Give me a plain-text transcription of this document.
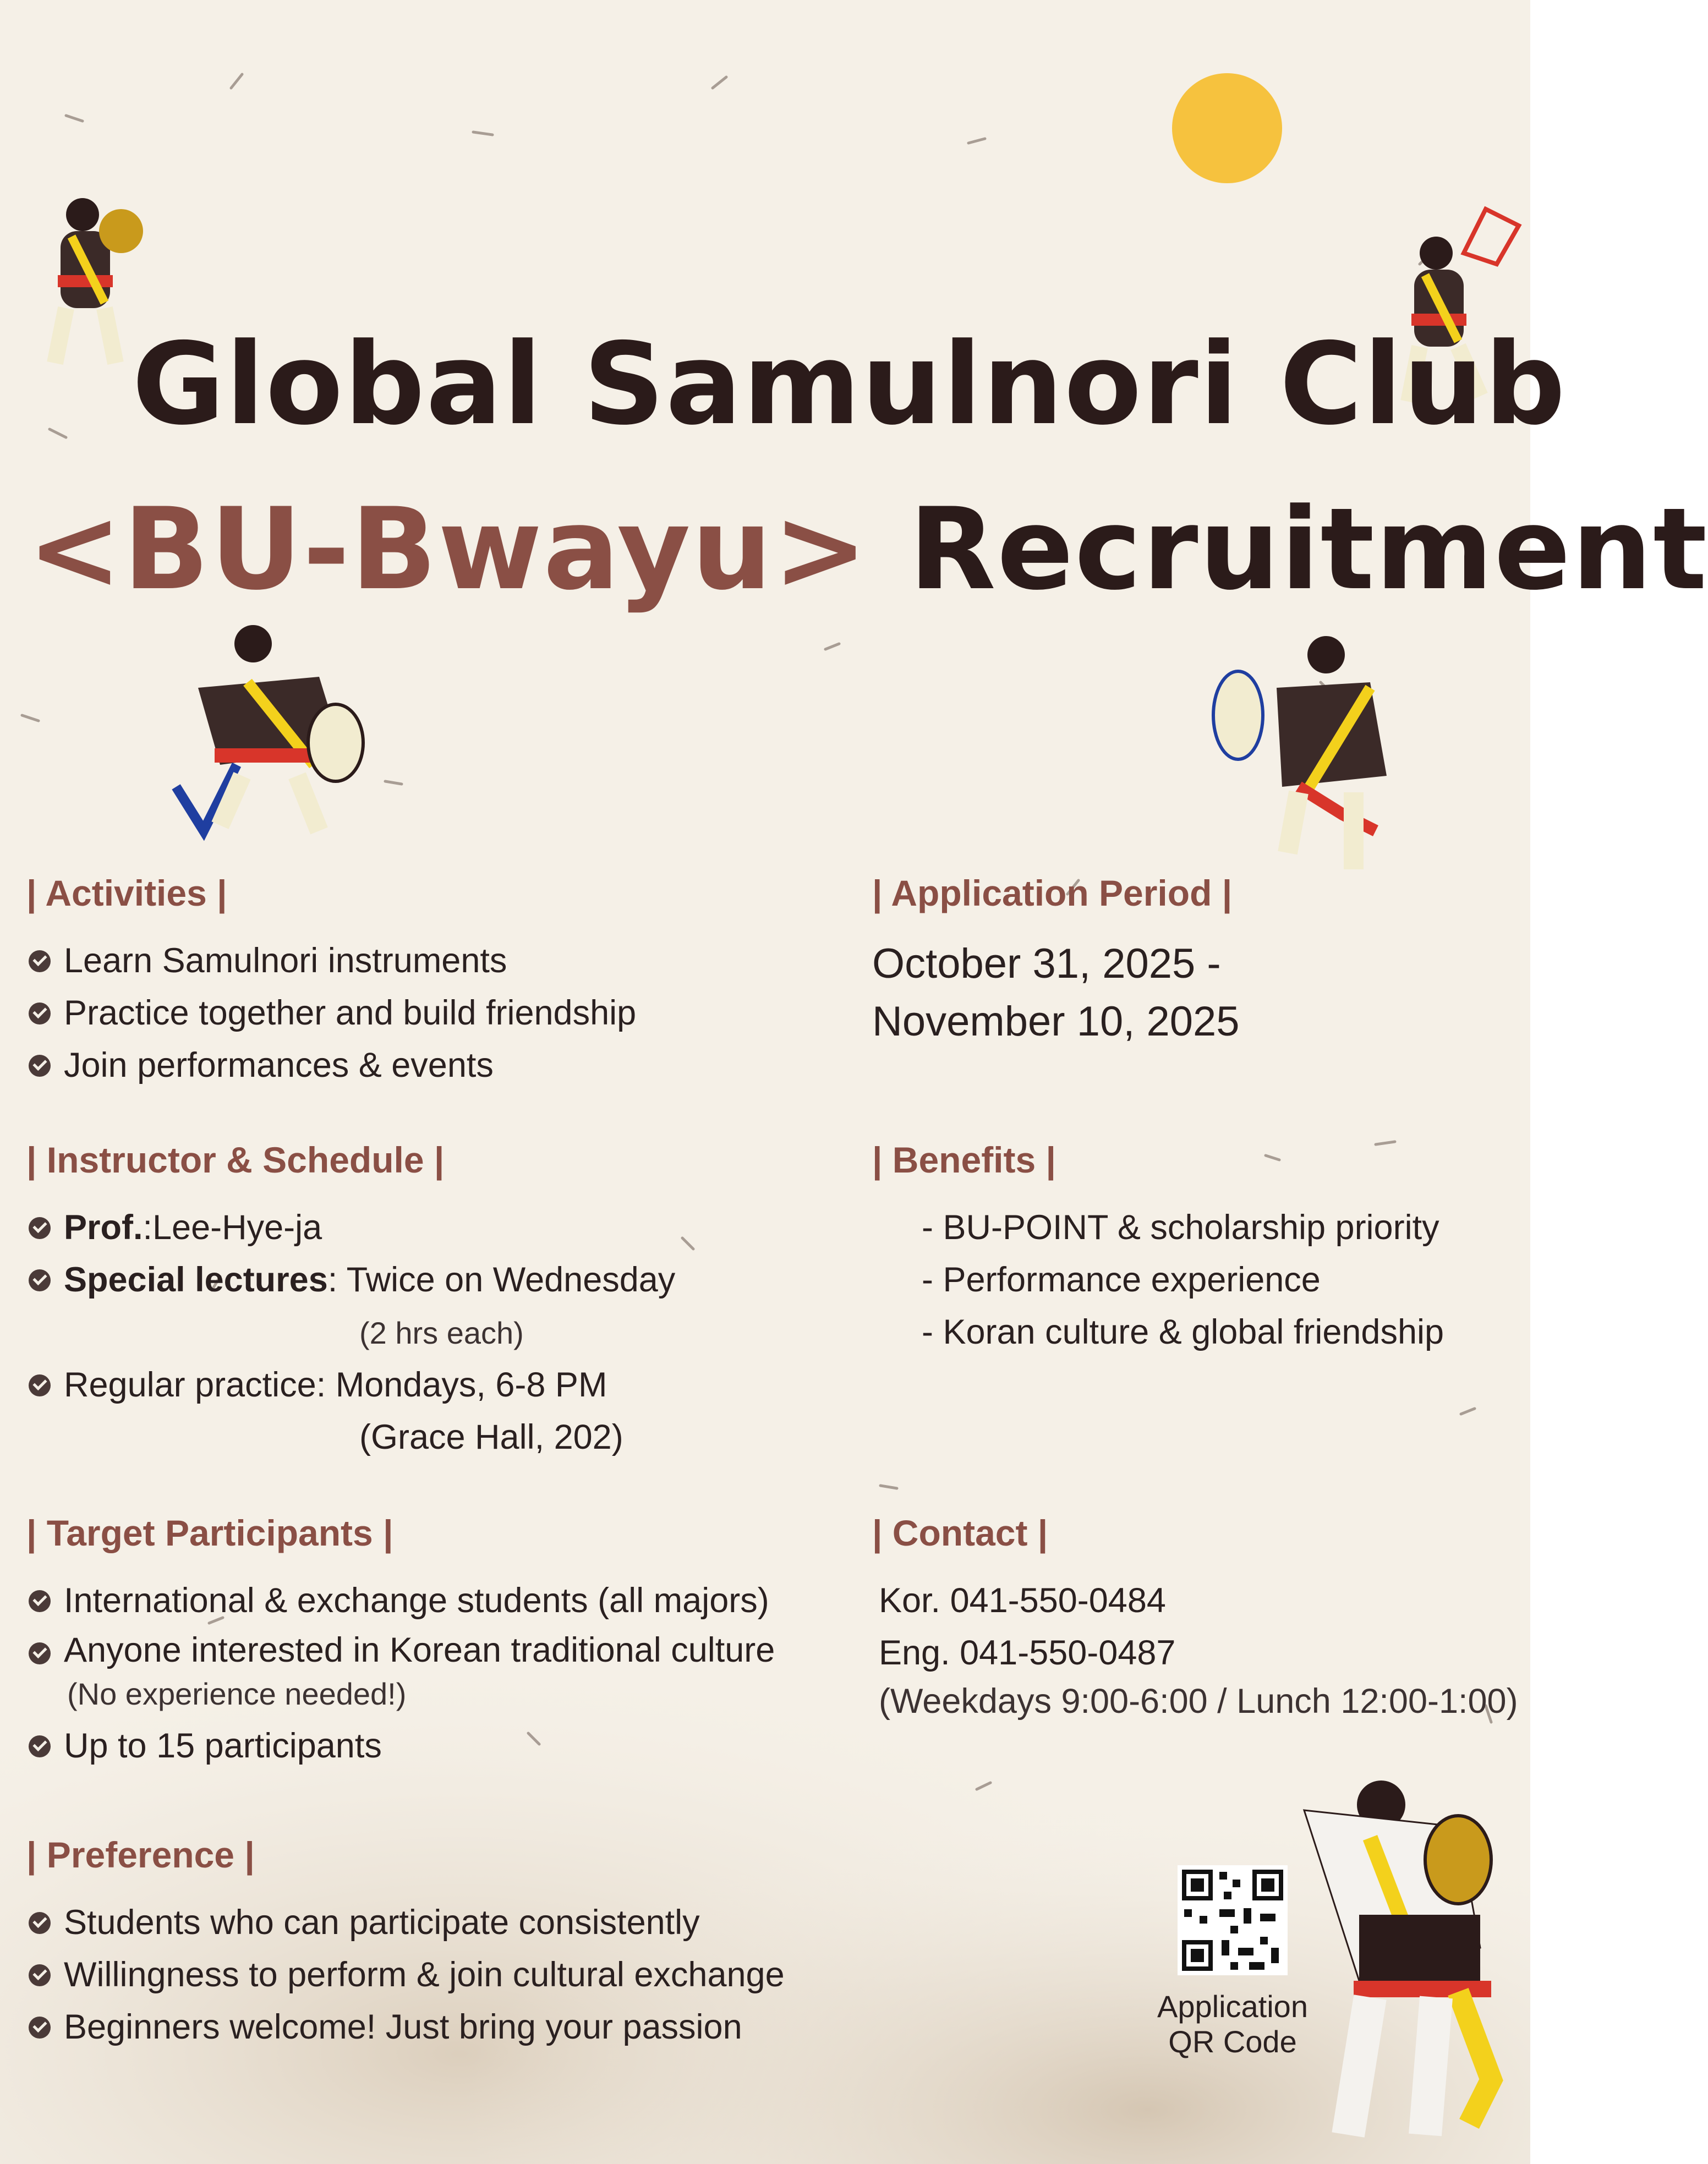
Global Samulnori Club
<BU-Bwayu> Recruitment

| Activities |

Learn Samulnori instruments
Practice together and build friendship
Join performances & events

| Instructor & Schedule |

Prof.:Lee-Hye-ja
Special lectures: Twice on Wednesday
(2 hrs each)
Regular practice: Mondays, 6-8 PM
(Grace Hall, 202)

| Target Participants |

International & exchange students (all majors)
Anyone interested in Korean traditional culture
(No experience needed!)
Up to 15 participants

| Preference |

Students who can participate consistently
Willingness to perform & join cultural exchange
Beginners welcome! Just bring your passion

| Application Period |

October 31, 2025 -
November 10, 2025

| Benefits |

- BU-POINT & scholarship priority
- Performance experience
- Koran culture & global friendship

| Contact |

Kor. 041-550-0484
Eng. 041-550-0487
(Weekdays 9:00-6:00 / Lunch 12:00-1:00)
Application
QR Code
